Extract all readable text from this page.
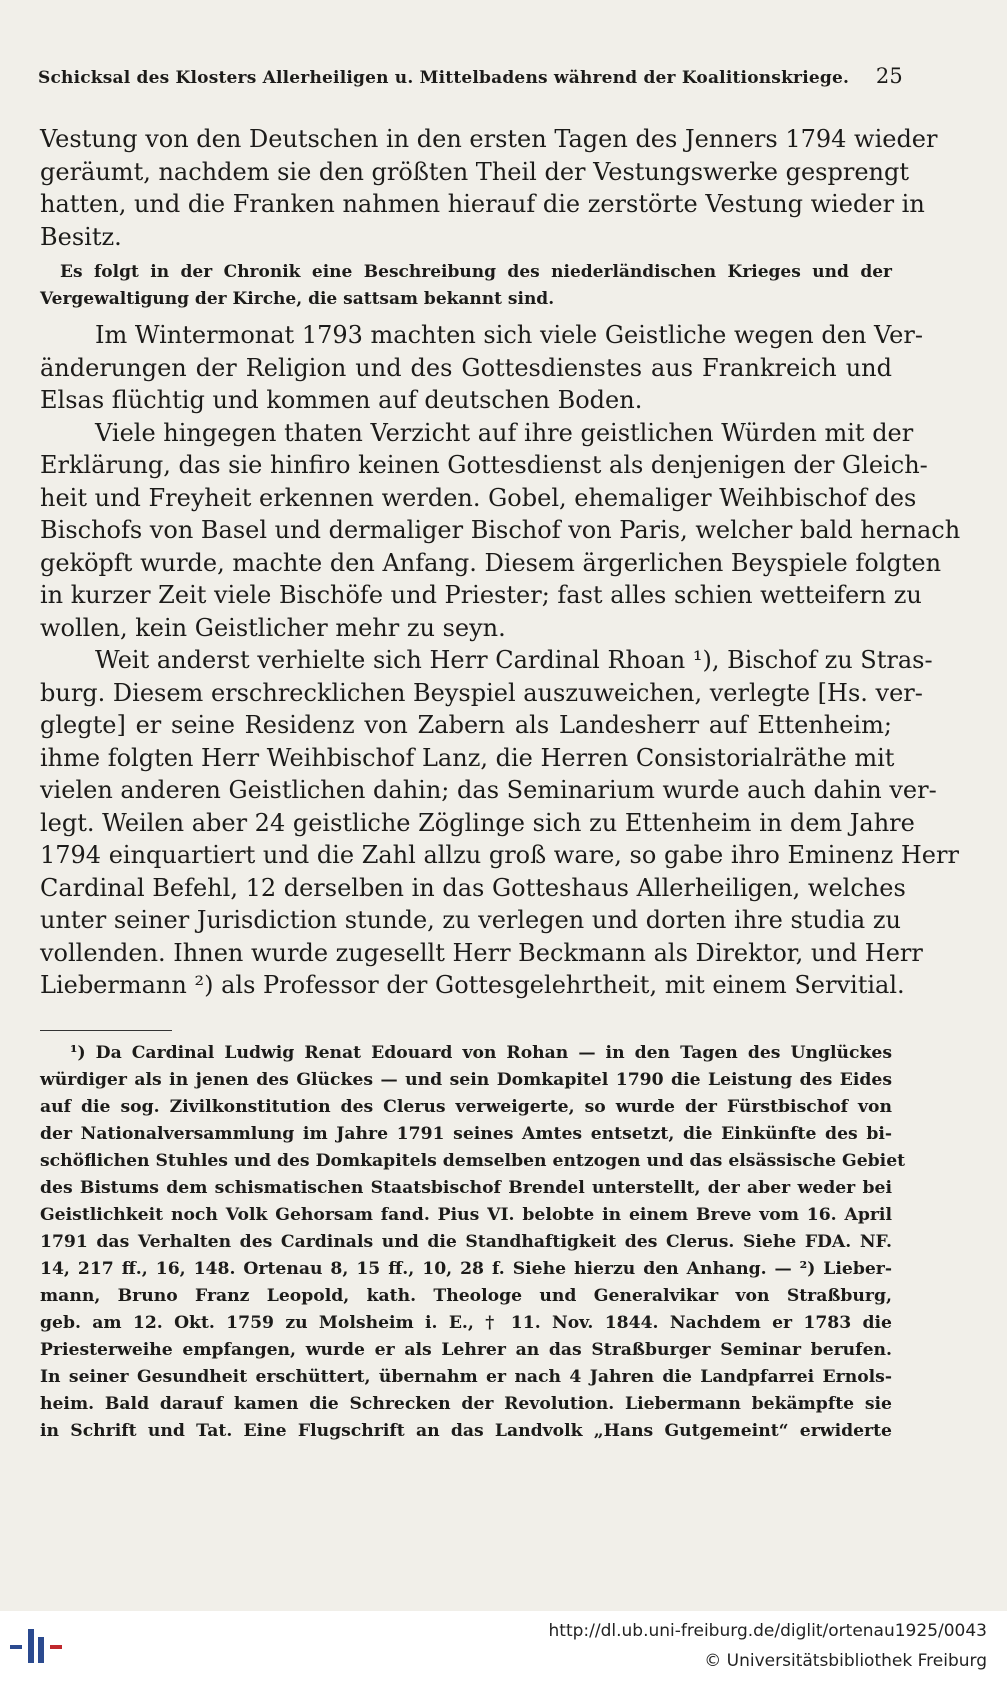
Schicksal des Klosters Allerheiligen u. Mittelbadens während der Koalitionskriege. 25

Vestung von den Deutschen in den ersten Tagen des Jenners 1794 wieder
geräumt, nachdem sie den größten Theil der Vestungswerke gesprengt
hatten, und die Franken nahmen hierauf die zerstörte Vestung wieder in
Besitz.

Es folgt in der Chronik eine Beschreibung des niederländischen Krieges und der
Vergewaltigung der Kirche, die sattsam bekannt sind.

Im Wintermonat 1793 machten sich viele Geistliche wegen den Ver-
änderungen der Religion und des Gottesdienstes aus Frankreich und
Elsas flüchtig und kommen auf deutschen Boden.

Viele hingegen thaten Verzicht auf ihre geistlichen Würden mit der
Erklärung, das sie hinfiro keinen Gottesdienst als denjenigen der Gleich-
heit und Freyheit erkennen werden. Gobel, ehemaliger Weihbischof des
Bischofs von Basel und dermaliger Bischof von Paris, welcher bald hernach
geköpft wurde, machte den Anfang. Diesem ärgerlichen Beyspiele folgten
in kurzer Zeit viele Bischöfe und Priester; fast alles schien wetteifern zu
wollen, kein Geistlicher mehr zu seyn.

Weit anderst verhielte sich Herr Cardinal Rhoan ¹), Bischof zu Stras-
burg. Diesem erschrecklichen Beyspiel auszuweichen, verlegte [Hs. ver-
glegte] er seine Residenz von Zabern als Landesherr auf Ettenheim;
ihme folgten Herr Weihbischof Lanz, die Herren Consistorialräthe mit
vielen anderen Geistlichen dahin; das Seminarium wurde auch dahin ver-
legt. Weilen aber 24 geistliche Zöglinge sich zu Ettenheim in dem Jahre
1794 einquartiert und die Zahl allzu groß ware, so gabe ihro Eminenz Herr
Cardinal Befehl, 12 derselben in das Gotteshaus Allerheiligen, welches
unter seiner Jurisdiction stunde, zu verlegen und dorten ihre studia zu
vollenden. Ihnen wurde zugesellt Herr Beckmann als Direktor, und Herr
Liebermann ²) als Professor der Gottesgelehrtheit, mit einem Servitial.

¹) Da Cardinal Ludwig Renat Edouard von Rohan — in den Tagen des Unglückes
würdiger als in jenen des Glückes — und sein Domkapitel 1790 die Leistung des Eides
auf die sog. Zivilkonstitution des Clerus verweigerte, so wurde der Fürstbischof von
der Nationalversammlung im Jahre 1791 seines Amtes entsetzt, die Einkünfte des bi-
schöflichen Stuhles und des Domkapitels demselben entzogen und das elsässische Gebiet
des Bistums dem schismatischen Staatsbischof Brendel unterstellt, der aber weder bei
Geistlichkeit noch Volk Gehorsam fand. Pius VI. belobte in einem Breve vom 16. April
1791 das Verhalten des Cardinals und die Standhaftigkeit des Clerus. Siehe FDA. NF.
14, 217 ff., 16, 148. Ortenau 8, 15 ff., 10, 28 f. Siehe hierzu den Anhang. — ²) Lieber-
mann, Bruno Franz Leopold, kath. Theologe und Generalvikar von Straßburg,
geb. am 12. Okt. 1759 zu Molsheim i. E., † 11. Nov. 1844. Nachdem er 1783 die
Priesterweihe empfangen, wurde er als Lehrer an das Straßburger Seminar berufen.
In seiner Gesundheit erschüttert, übernahm er nach 4 Jahren die Landpfarrei Ernols-
heim. Bald darauf kamen die Schrecken der Revolution. Liebermann bekämpfte sie
in Schrift und Tat. Eine Flugschrift an das Landvolk „Hans Gutgemeint“ erwiderte
http://dl.ub.uni-freiburg.de/diglit/ortenau1925/0043
© Universitätsbibliothek Freiburg
